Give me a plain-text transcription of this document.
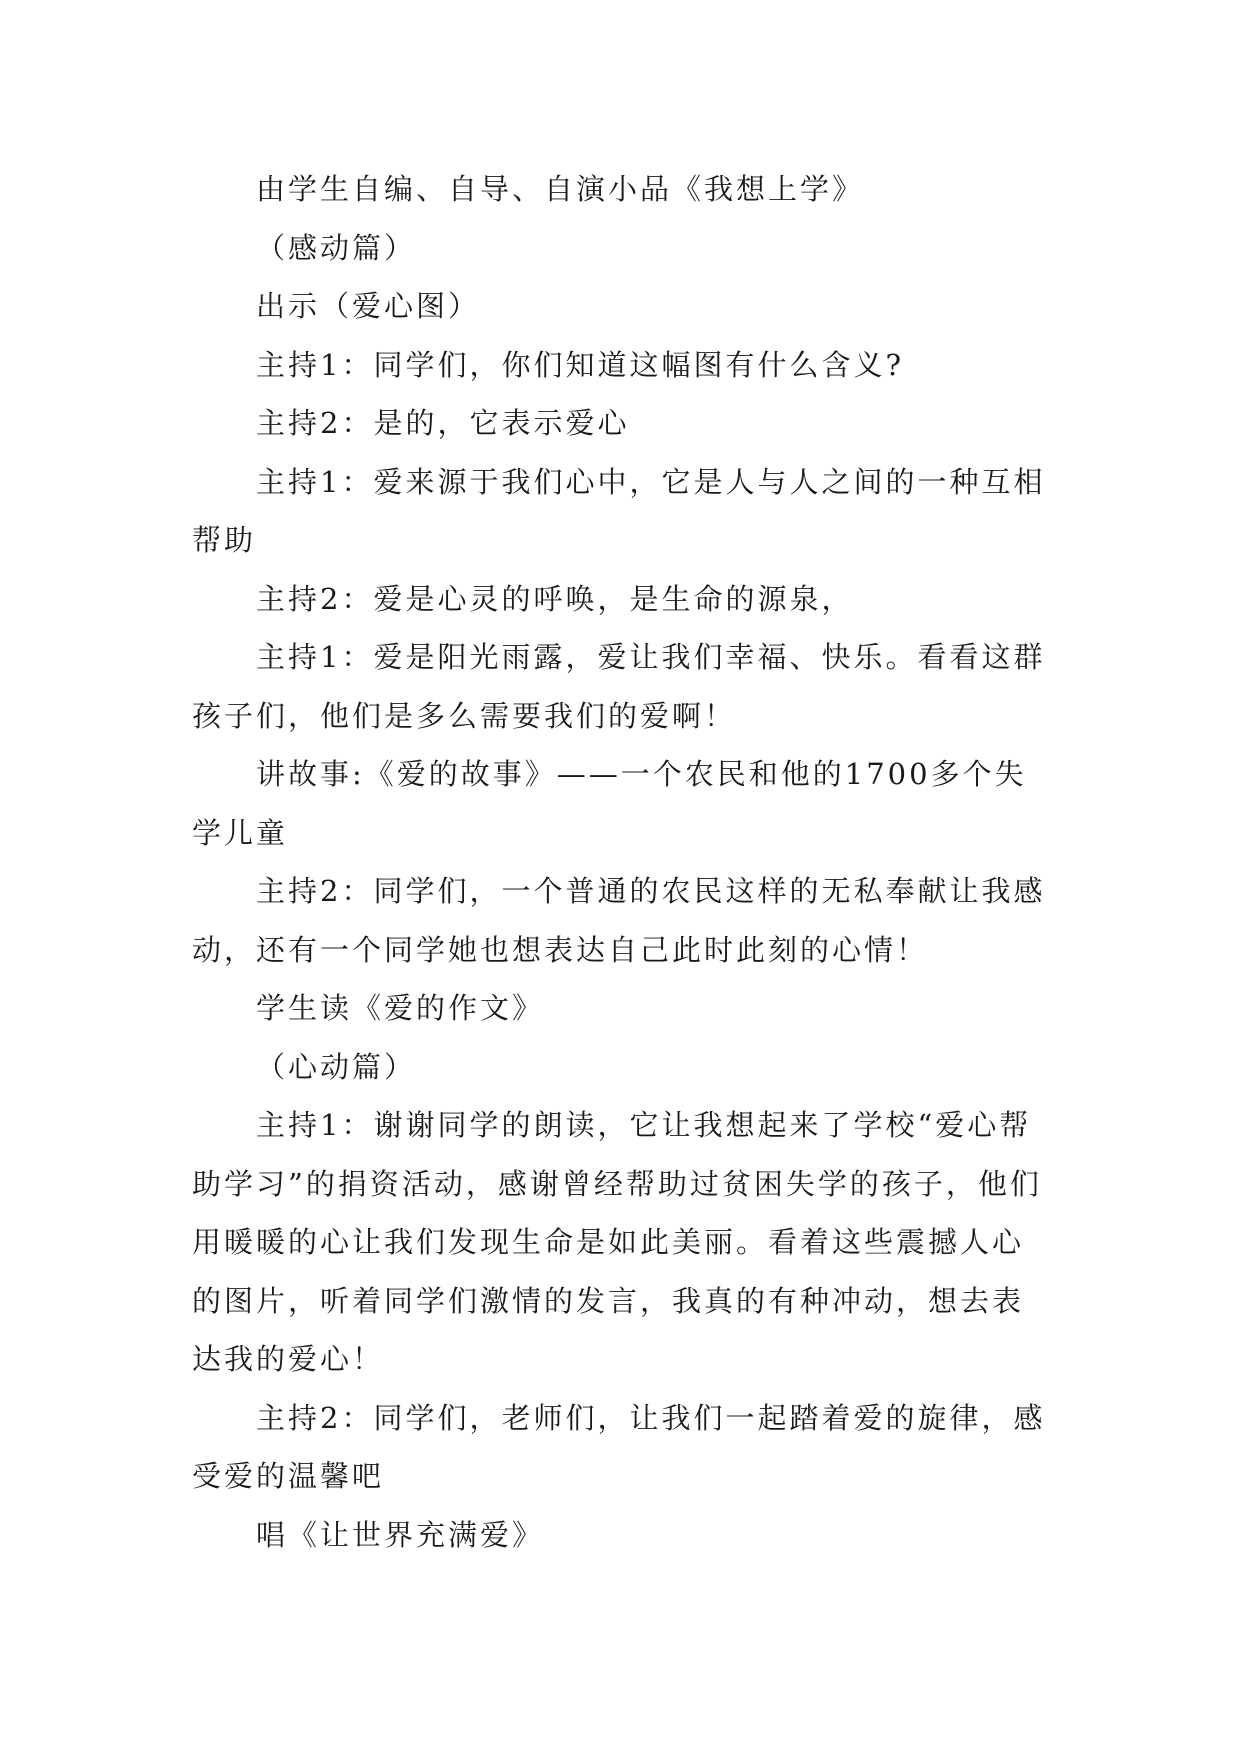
由学生自编、自导、自演小品《我想上学》

（感动篇）

出示（爱心图）

主持1：同学们，你们知道这幅图有什么含义?

主持2：是的，它表示爱心

主持1：爱来源于我们心中，它是人与人之间的一种互相帮助

主持2：爱是心灵的呼唤，是生命的源泉，

主持1：爱是阳光雨露，爱让我们幸福、快乐。看看这群孩子们，他们是多么需要我们的爱啊！

讲故事:《爱的故事》——一个农民和他的1700多个失学儿童

主持2：同学们，一个普通的农民这样的无私奉献让我感动，还有一个同学她也想表达自己此时此刻的心情！

学生读《爱的作文》

（心动篇）

主持1：谢谢同学的朗读，它让我想起来了学校“爱心帮助学习”的捐资活动，感谢曾经帮助过贫困失学的孩子，他们用暖暖的心让我们发现生命是如此美丽。看着这些震撼人心的图片，听着同学们激情的发言，我真的有种冲动，想去表达我的爱心！

主持2：同学们，老师们，让我们一起踏着爱的旋律，感受爱的温馨吧

唱《让世界充满爱》
